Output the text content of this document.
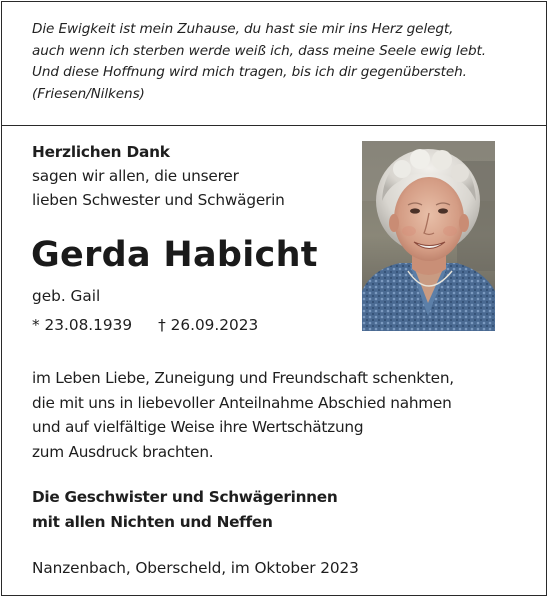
Die Ewigkeit ist mein Zuhause, du hast sie mir ins Herz gelegt,
auch wenn ich sterben werde weiß ich, dass meine Seele ewig lebt.
Und diese Hoffnung wird mich tragen, bis ich dir gegenübersteh.
(Friesen/Nilkens)
Herzlichen Dank
sagen wir allen, die unserer
lieben Schwester und Schwägerin
Gerda Habicht
geb. Gail
* 23.08.1939 † 26.09.2023
im Leben Liebe, Zuneigung und Freundschaft schenkten,
die mit uns in liebevoller Anteilnahme Abschied nahmen
und auf vielfältige Weise ihre Wertschätzung
zum Ausdruck brachten.
Die Geschwister und Schwägerinnen
mit allen Nichten und Neffen
Nanzenbach, Oberscheld, im Oktober 2023
